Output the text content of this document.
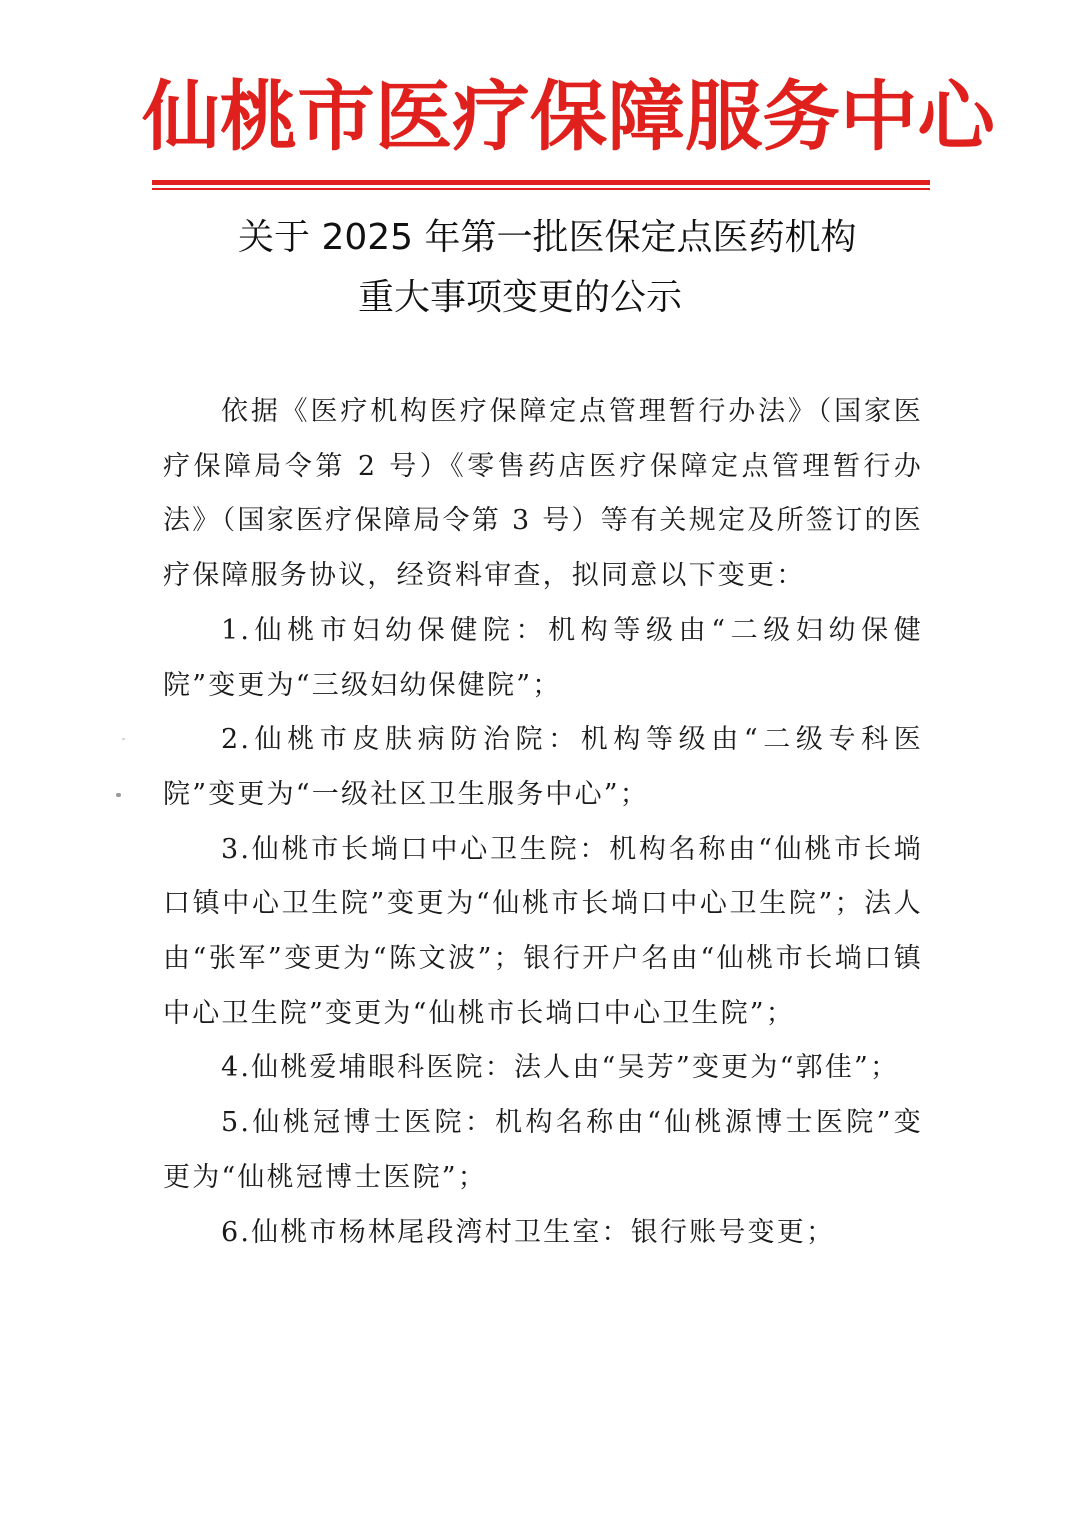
仙桃市医疗保障服务中心
关于 2025 年第一批医保定点医药机构
重大事项变更的公示

依据《医疗机构医疗保障定点管理暂行办法》（国家医疗保障局令第 2 号）《零售药店医疗保障定点管理暂行办法》（国家医疗保障局令第 3 号）等有关规定及所签订的医疗保障服务协议，经资料审查，拟同意以下变更：

1.仙桃市妇幼保健院：机构等级由“二级妇幼保健院”变更为“三级妇幼保健院”；

2.仙桃市皮肤病防治院：机构等级由“二级专科医院”变更为“一级社区卫生服务中心”；

3.仙桃市长埫口中心卫生院：机构名称由“仙桃市长埫口镇中心卫生院”变更为“仙桃市长埫口中心卫生院”；法人由“张军”变更为“陈文波”；银行开户名由“仙桃市长埫口镇中心卫生院”变更为“仙桃市长埫口中心卫生院”；

4.仙桃爱埔眼科医院：法人由“吴芳”变更为“郭佳”；

5.仙桃冠博士医院：机构名称由“仙桃源博士医院”变更为“仙桃冠博士医院”；

6.仙桃市杨林尾段湾村卫生室：银行账号变更；
